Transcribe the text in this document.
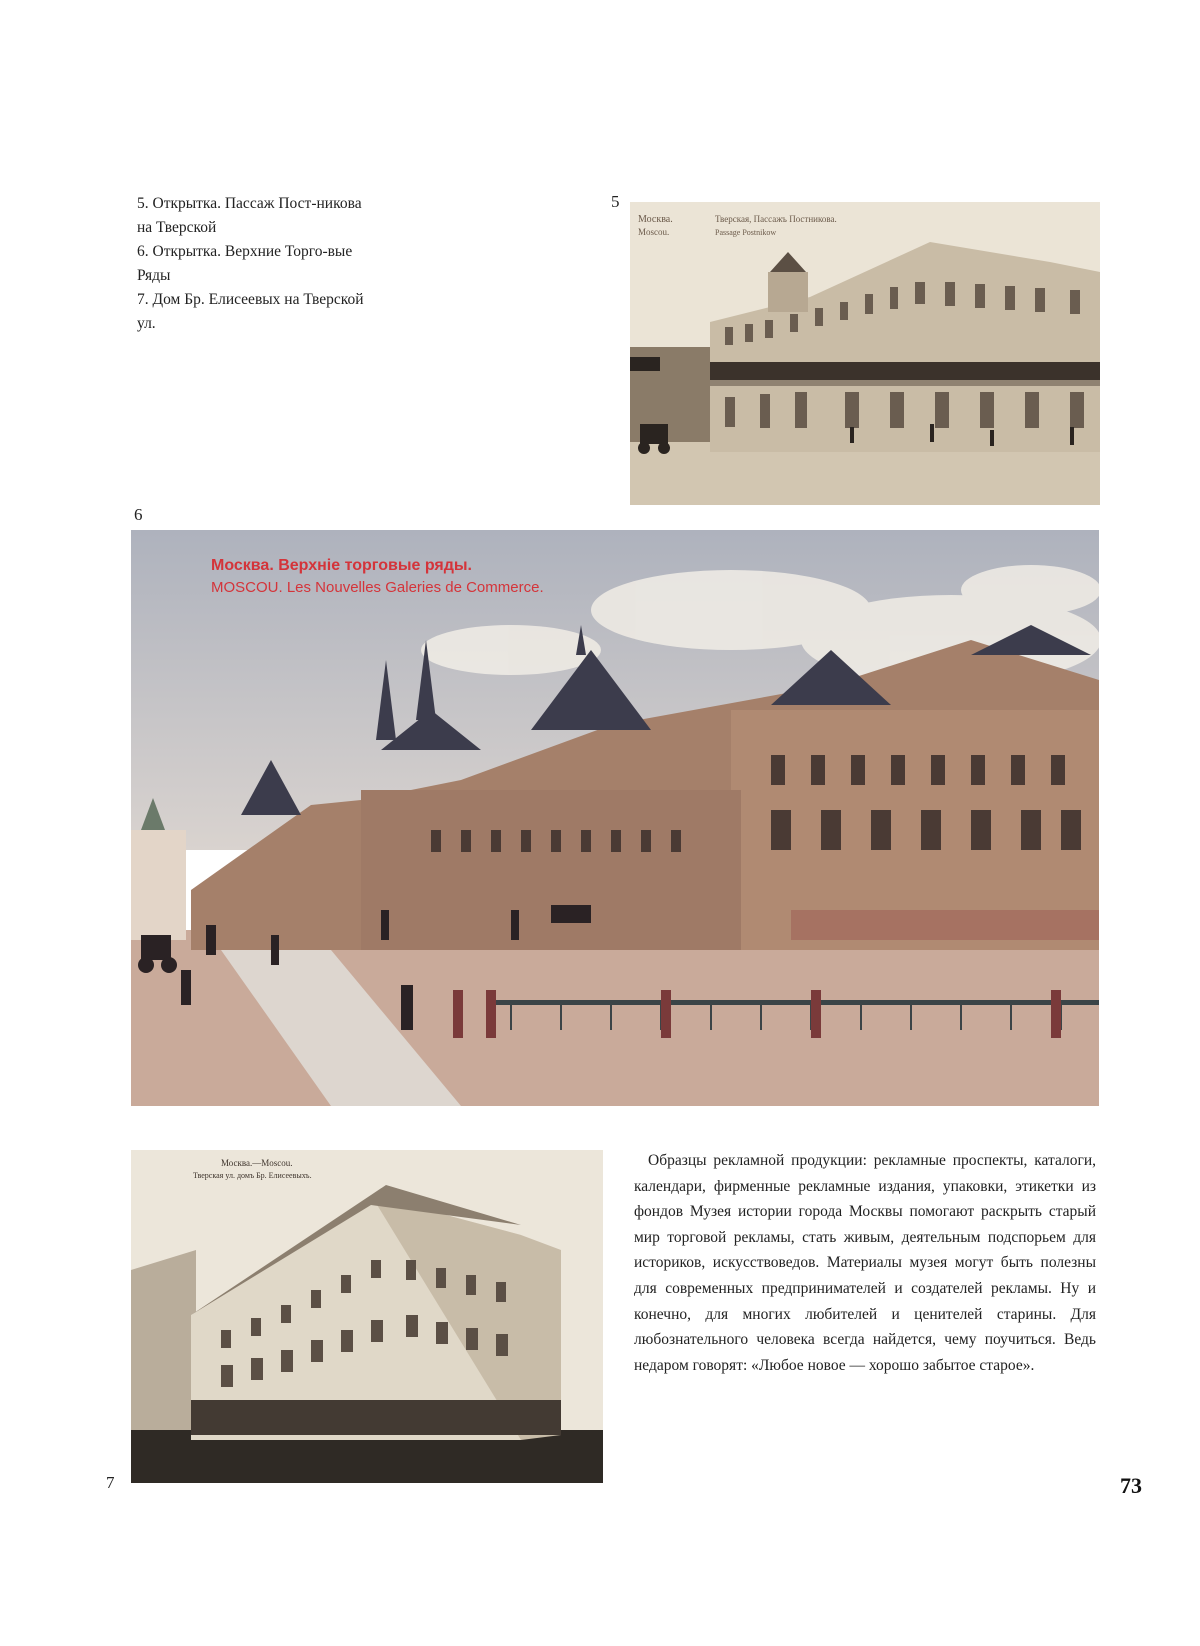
5. Открытка. Пассаж Пост-никова на Тверской

6. Открытка. Верхние Торго-вые Ряды

7. Дом Бр. Елисеевых на Тверской ул.

5
Москва.
Moscou.
Тверская, Пассажъ Постникова.
Passage Postnikow
6
Москва. Верхніе торговые ряды.
MOSCOU. Les Nouvelles Galeries de Commerce.
Москва.—Moscou.
Тверская ул. домъ Бр. Елисеевыхъ.
7

Образцы рекламной продукции: рекламные проспекты, каталоги, календари, фирменные рекламные издания, упаковки, этикетки из фондов Музея истории города Москвы помогают раскрыть старый мир торговой рекламы, стать живым, деятельным подспорьем для историков, искусствоведов. Материалы музея могут быть полезны для современных предпринимателей и создателей рекламы. Ну и конечно, для многих любителей и ценителей старины. Для любознательного человека всегда найдется, чему поучиться. Ведь недаром говорят: «Любое новое — хорошо забытое старое».

73
